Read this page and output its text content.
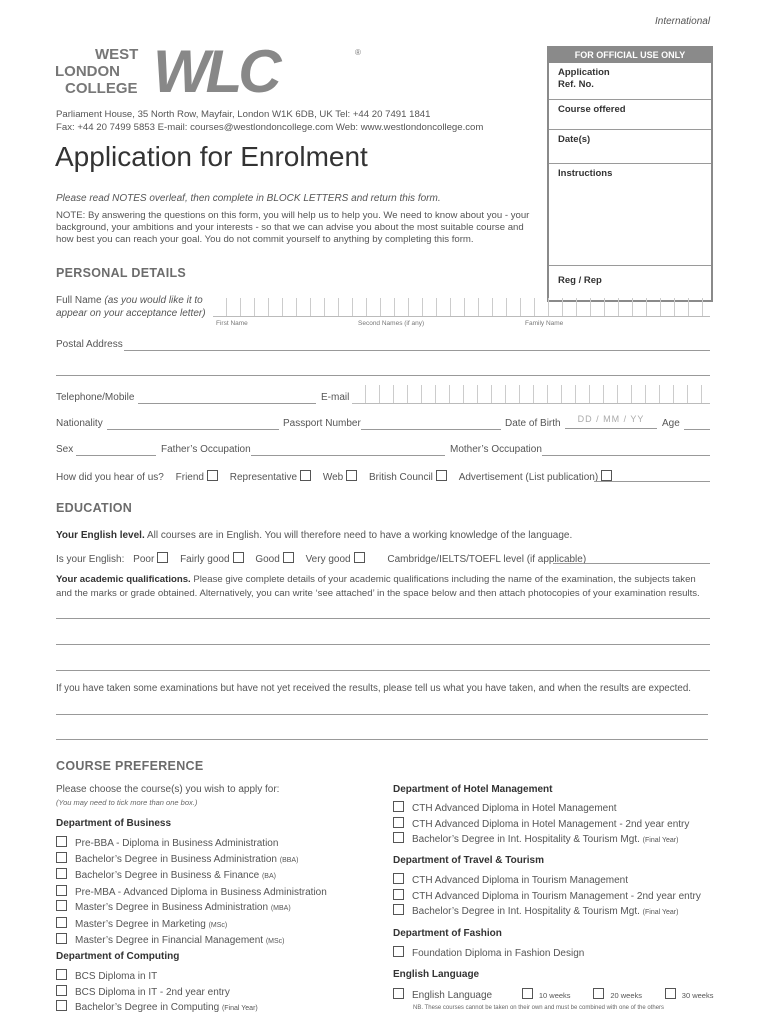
International
WEST
LONDON
COLLEGE WLC	®
Parliament House, 35 North Row, Mayfair, London W1K 6DB, UK Tel: +44 20 7491 1841
Fax: +44 20 7499 5853 E-mail: courses@westlondoncollege.com Web: www.westlondoncollege.com
FOR OFFICIAL USE ONLY
Application
Ref. No.
Course offered
Date(s)
Instructions
Reg / Rep
Application for Enrolment
Please read NOTES overleaf, then complete in BLOCK LETTERS and return this form.
NOTE: By answering the questions on this form, you will help us to help you. We need to know about you - your background, your ambitions and your interests - so that we can advise you about the most suitable course and how best you can reach your goal. You do not commit yourself to anything by completing this form.
PERSONAL DETAILS
Full Name (as you would like it to appear on your acceptance letter)
First Name	Second Names (if any)	Family Name
Postal Address
Telephone/Mobile	E-mail
Nationality	Passport Number	Date of Birth	DD / MM / YY	Age
Sex	Father’s Occupation	Mother’s Occupation
How did you hear of us? Friend	Representative	Web	British Council	Advertisement (List publication)
EDUCATION
Your English level. All courses are in English. You will therefore need to have a working knowledge of the language.
Is your English: Poor	Fairly good	Good	Very good	Cambridge/IELTS/TOEFL level (if applicable)
Your academic qualifications. Please give complete details of your academic qualifications including the name of the examination, the subjects taken and the marks or grade obtained. Alternatively, you can write ‘see attached’ in the space below and then attach photocopies of your examination results.
If you have taken some examinations but have not yet received the results, please tell us what you have taken, and when the results are expected.
COURSE PREFERENCE
Please choose the course(s) you wish to apply for:
(You may need to tick more than one box.)
Department of Business
Pre-BBA - Diploma in Business Administration
Bachelor’s Degree in Business Administration (BBA)
Bachelor’s Degree in Business & Finance (BA)
Pre-MBA - Advanced Diploma in Business Administration
Master’s Degree in Business Administration (MBA)
Master’s Degree in Marketing (MSc)
Master’s Degree in Financial Management (MSc)
Department of Computing
BCS Diploma in IT
BCS Diploma in IT - 2nd year entry
Bachelor’s Degree in Computing (Final Year)
Department of Hotel Management
CTH Advanced Diploma in Hotel Management
CTH Advanced Diploma in Hotel Management - 2nd year entry
Bachelor’s Degree in Int. Hospitality & Tourism Mgt. (Final Year)
Department of Travel & Tourism
CTH Advanced Diploma in Tourism Management
CTH Advanced Diploma in Tourism Management - 2nd year entry
Bachelor’s Degree in Int. Hospitality & Tourism Mgt. (Final Year)
Department of Fashion
Foundation Diploma in Fashion Design
English Language
English Language	10 weeks	20 weeks	30 weeks
NB. These courses cannot be taken on their own and must be combined with one of the others
